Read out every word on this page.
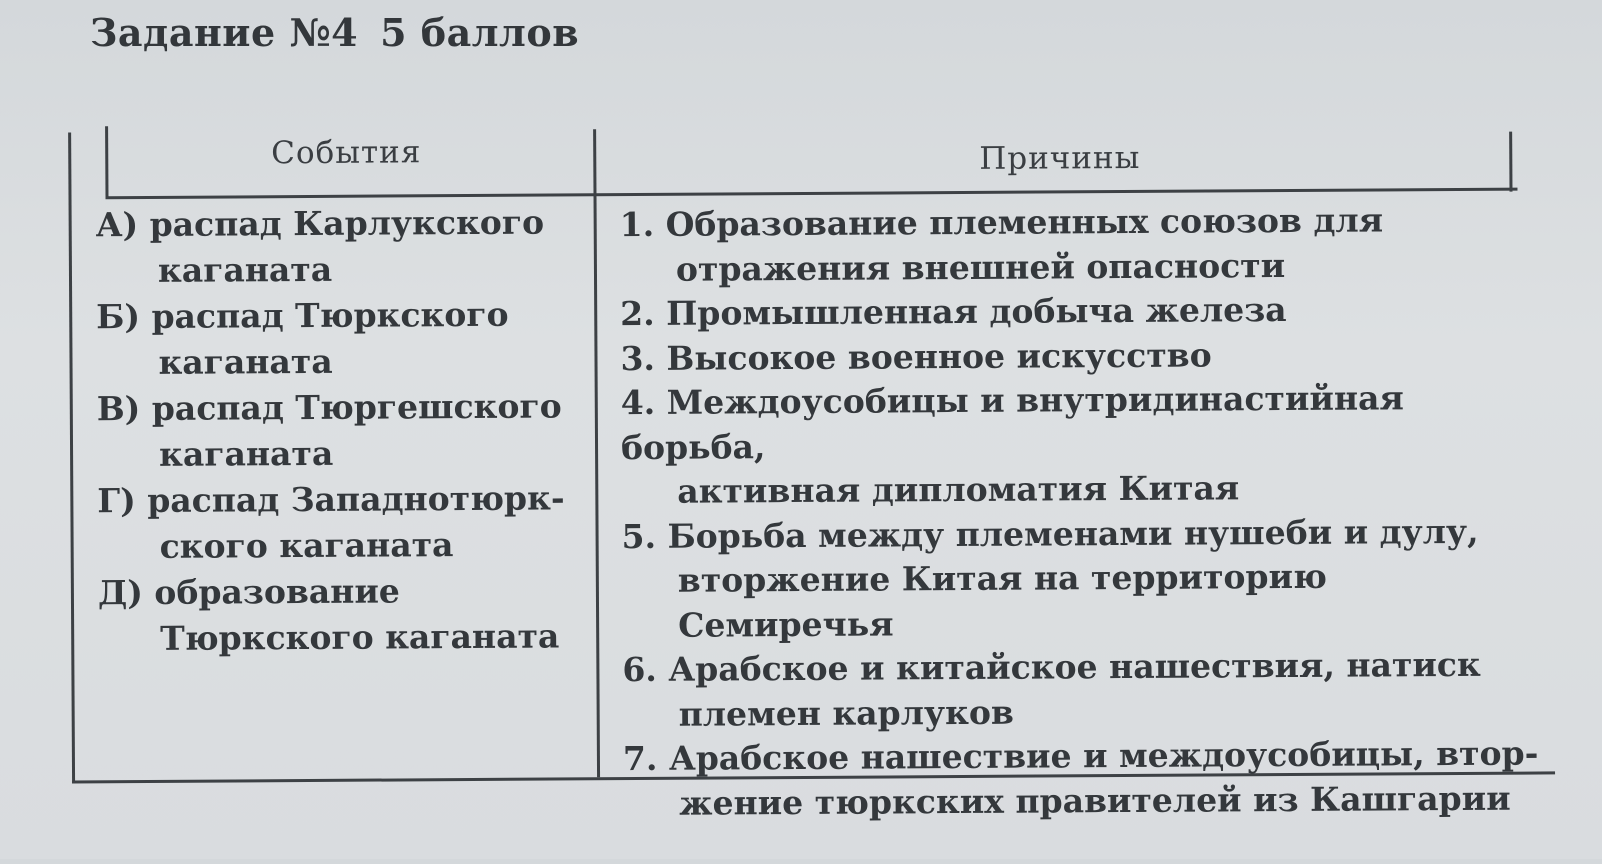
Задание №4 5 баллов
События	Причины

А) распад Карлукского
каганата

Б) распад Тюркского
каганата

В) распад Тюргешского
каганата

Г) распад Западнотюрк-
ского каганата

Д) образование
Тюркского каганата

1. Образование племенных союзов для
отражения внешней опасности

2. Промышленная добыча железа

3. Высокое военное искусство

4. Междоусобицы и внутридинастийная борьба,
активная дипломатия Китая

5. Борьба между племенами нушеби и дулу,
вторжение Китая на территорию Семиречья

6. Арабское и китайское нашествия, натиск
племен карлуков

7. Арабское нашествие и междоусобицы, втор-
жение тюркских правителей из Кашгарии
